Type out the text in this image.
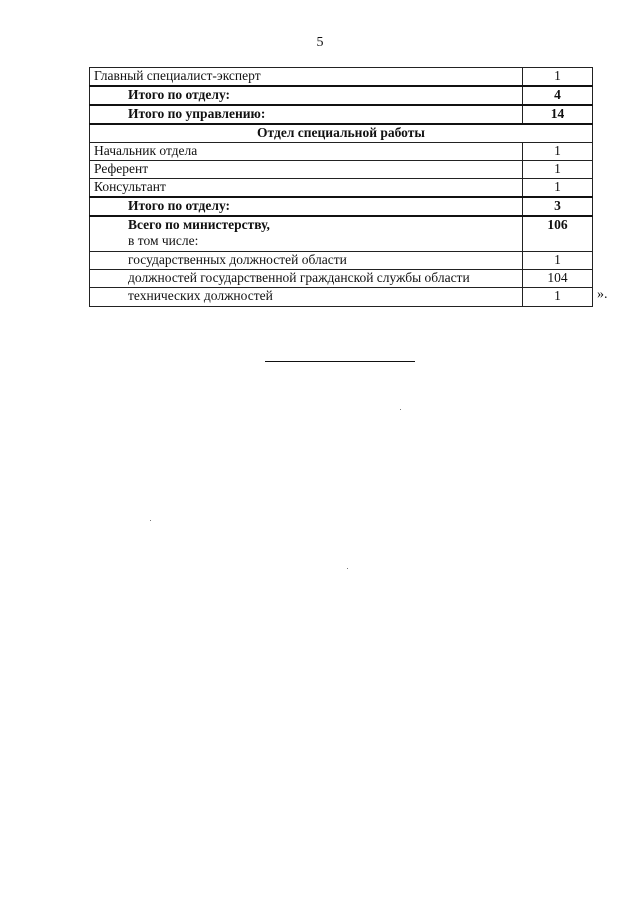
5
Главный специалист-эксперт	1
Итого по отделу:	4
Итого по управлению:	14
Отдел специальной работы	
Начальник отдела	1
Референт	1
Консультант	1
Итого по отделу:	3
Всего по министерству,
в том числе:	106
государственных должностей области	1
должностей государственной гражданской службы области	104
технических должностей	1	».
